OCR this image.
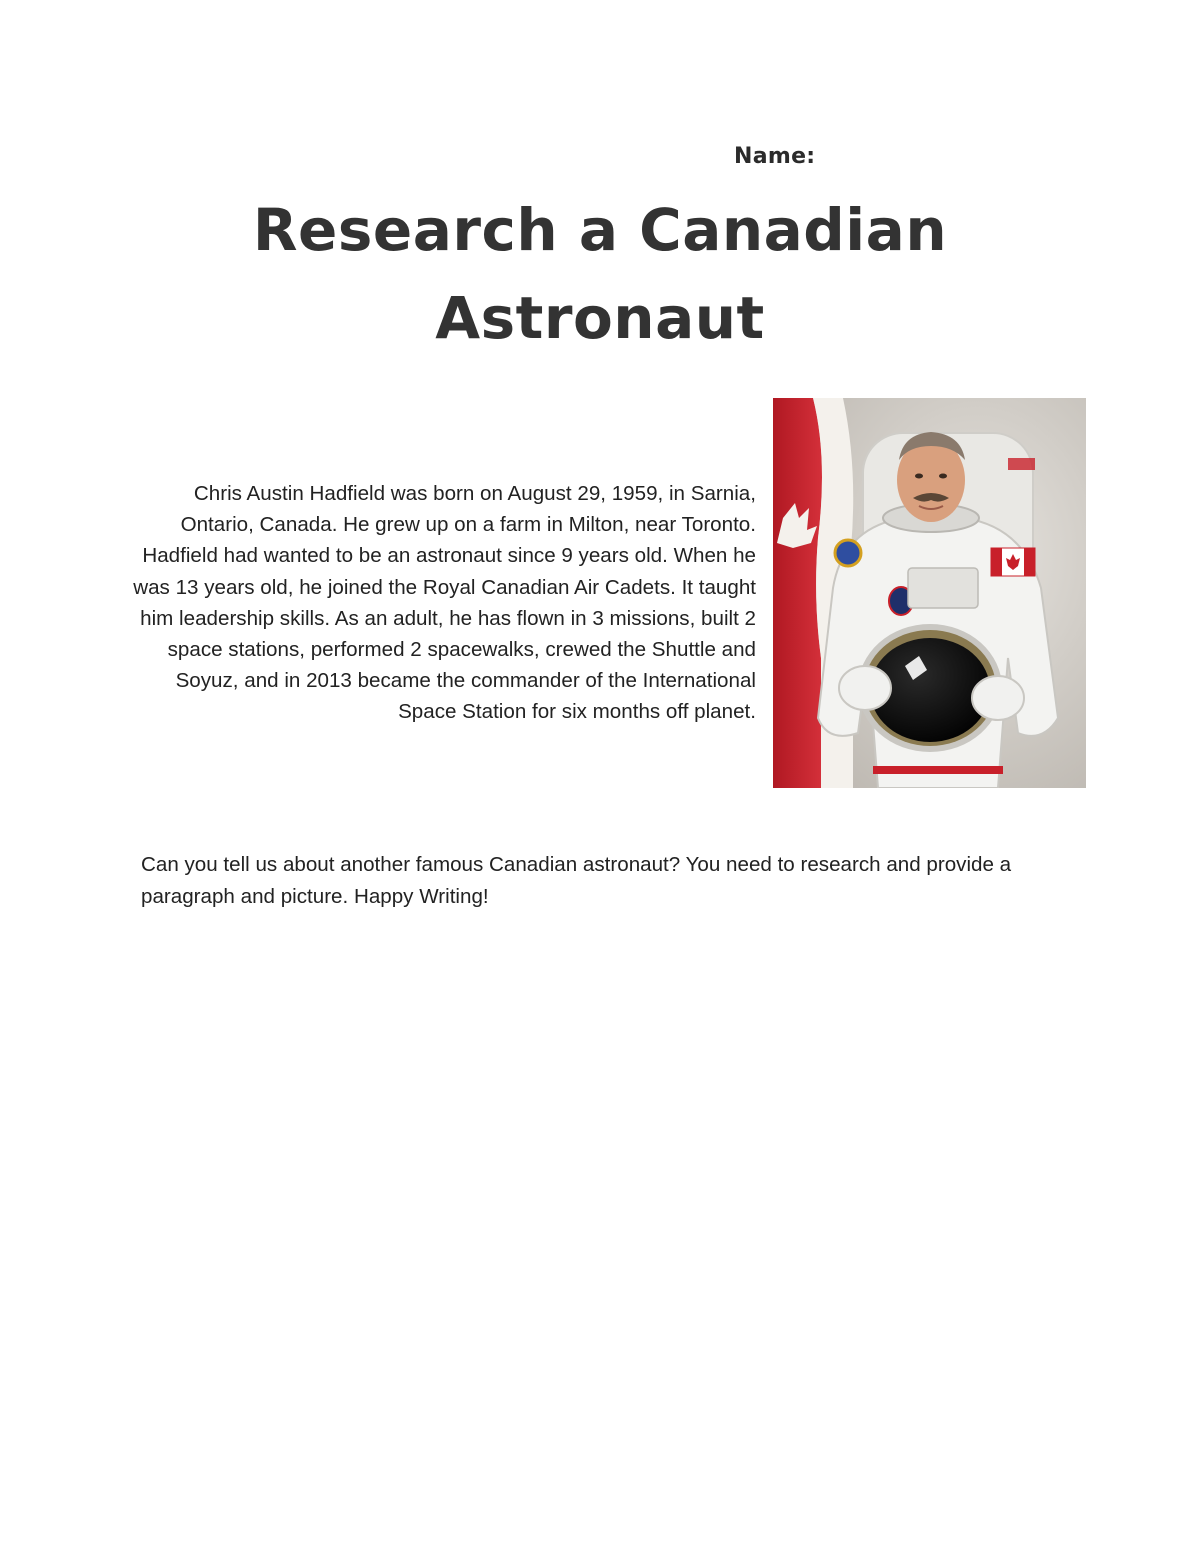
Name:
Research a Canadian
Astronaut
Chris Austin Hadfield was born on August 29, 1959, in Sarnia, Ontario, Canada. He grew up on a farm in Milton, near Toronto. Hadfield had wanted to be an astronaut since 9 years old. When he was 13 years old, he joined the Royal Canadian Air Cadets. It taught him leadership skills. As an adult, he has flown in 3 missions, built 2 space stations, performed 2 spacewalks, crewed the Shuttle and Soyuz, and in 2013 became the commander of the International Space Station for six months off planet.
Can you tell us about another famous Canadian astronaut? You need to research and provide a paragraph and picture. Happy Writing!
